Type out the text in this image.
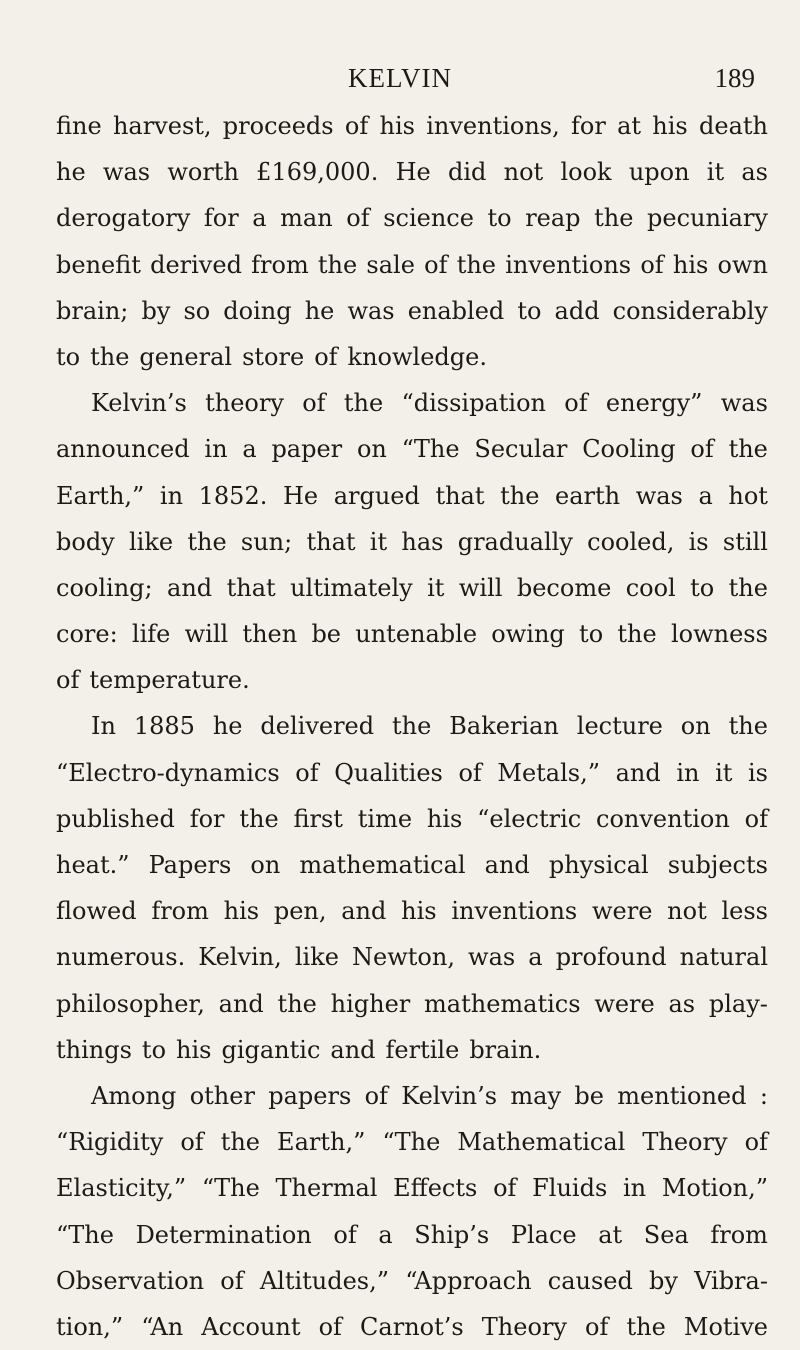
KELVIN	189
fine harvest, proceeds of his inventions, for at his death
he was worth £169,000. He did not look upon it as
derogatory for a man of science to reap the pecuniary
benefit derived from the sale of the inventions of his own
brain; by so doing he was enabled to add considerably
to the general store of knowledge.
Kelvin’s theory of the “dissipation of energy” was
announced in a paper on “The Secular Cooling of the
Earth,” in 1852. He argued that the earth was a hot
body like the sun; that it has gradually cooled, is still
cooling; and that ultimately it will become cool to the
core: life will then be untenable owing to the lowness
of temperature.
In 1885 he delivered the Bakerian lecture on the
“Electro-dynamics of Qualities of Metals,” and in it is
published for the first time his “electric convention of
heat.” Papers on mathematical and physical subjects
flowed from his pen, and his inventions were not less
numerous. Kelvin, like Newton, was a profound natural
philosopher, and the higher mathematics were as play-
things to his gigantic and fertile brain.
Among other papers of Kelvin’s may be mentioned :
“Rigidity of the Earth,” “The Mathematical Theory of
Elasticity,” “The Thermal Effects of Fluids in Motion,”
“The Determination of a Ship’s Place at Sea from
Observation of Altitudes,” “Approach caused by Vibra-
tion,” “An Account of Carnot’s Theory of the Motive
